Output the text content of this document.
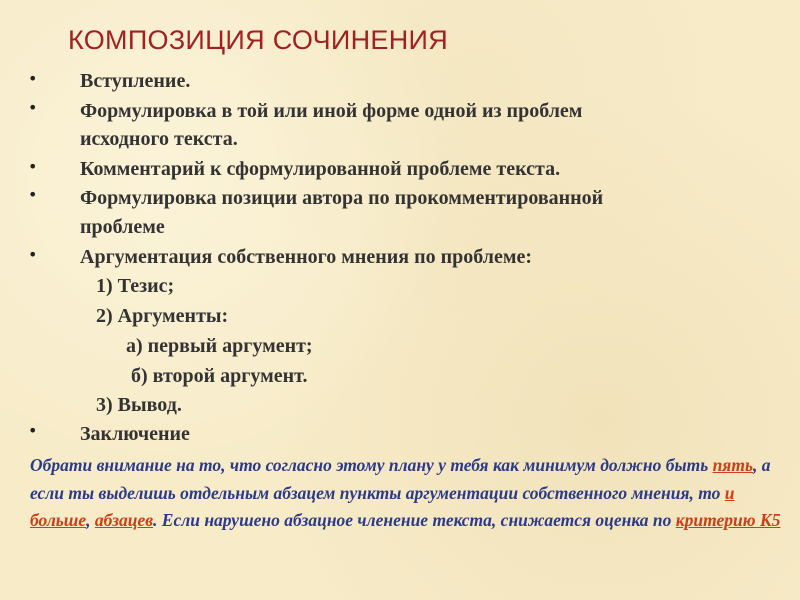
КОМПОЗИЦИЯ СОЧИНЕНИЯ
•
•
•
•
•
•
Вступление.
Формулировка в той или иной форме одной из проблем
исходного текста.
Комментарий к сформулированной проблеме текста.
Формулировка позиции автора по прокомментированной
проблеме
Аргументация собственного мнения по проблеме:
1) Тезис;
2) Аргументы:
а) первый аргумент;
б) второй аргумент.
3) Вывод.
Заключение
Обрати внимание на то, что согласно этому плану у тебя как минимум должно быть пять, а если ты выделишь отдельным абзацем пункты аргументации собственного мнения, то и больше, абзацев. Если нарушено абзацное членение текста, снижается оценка по критерию К5
